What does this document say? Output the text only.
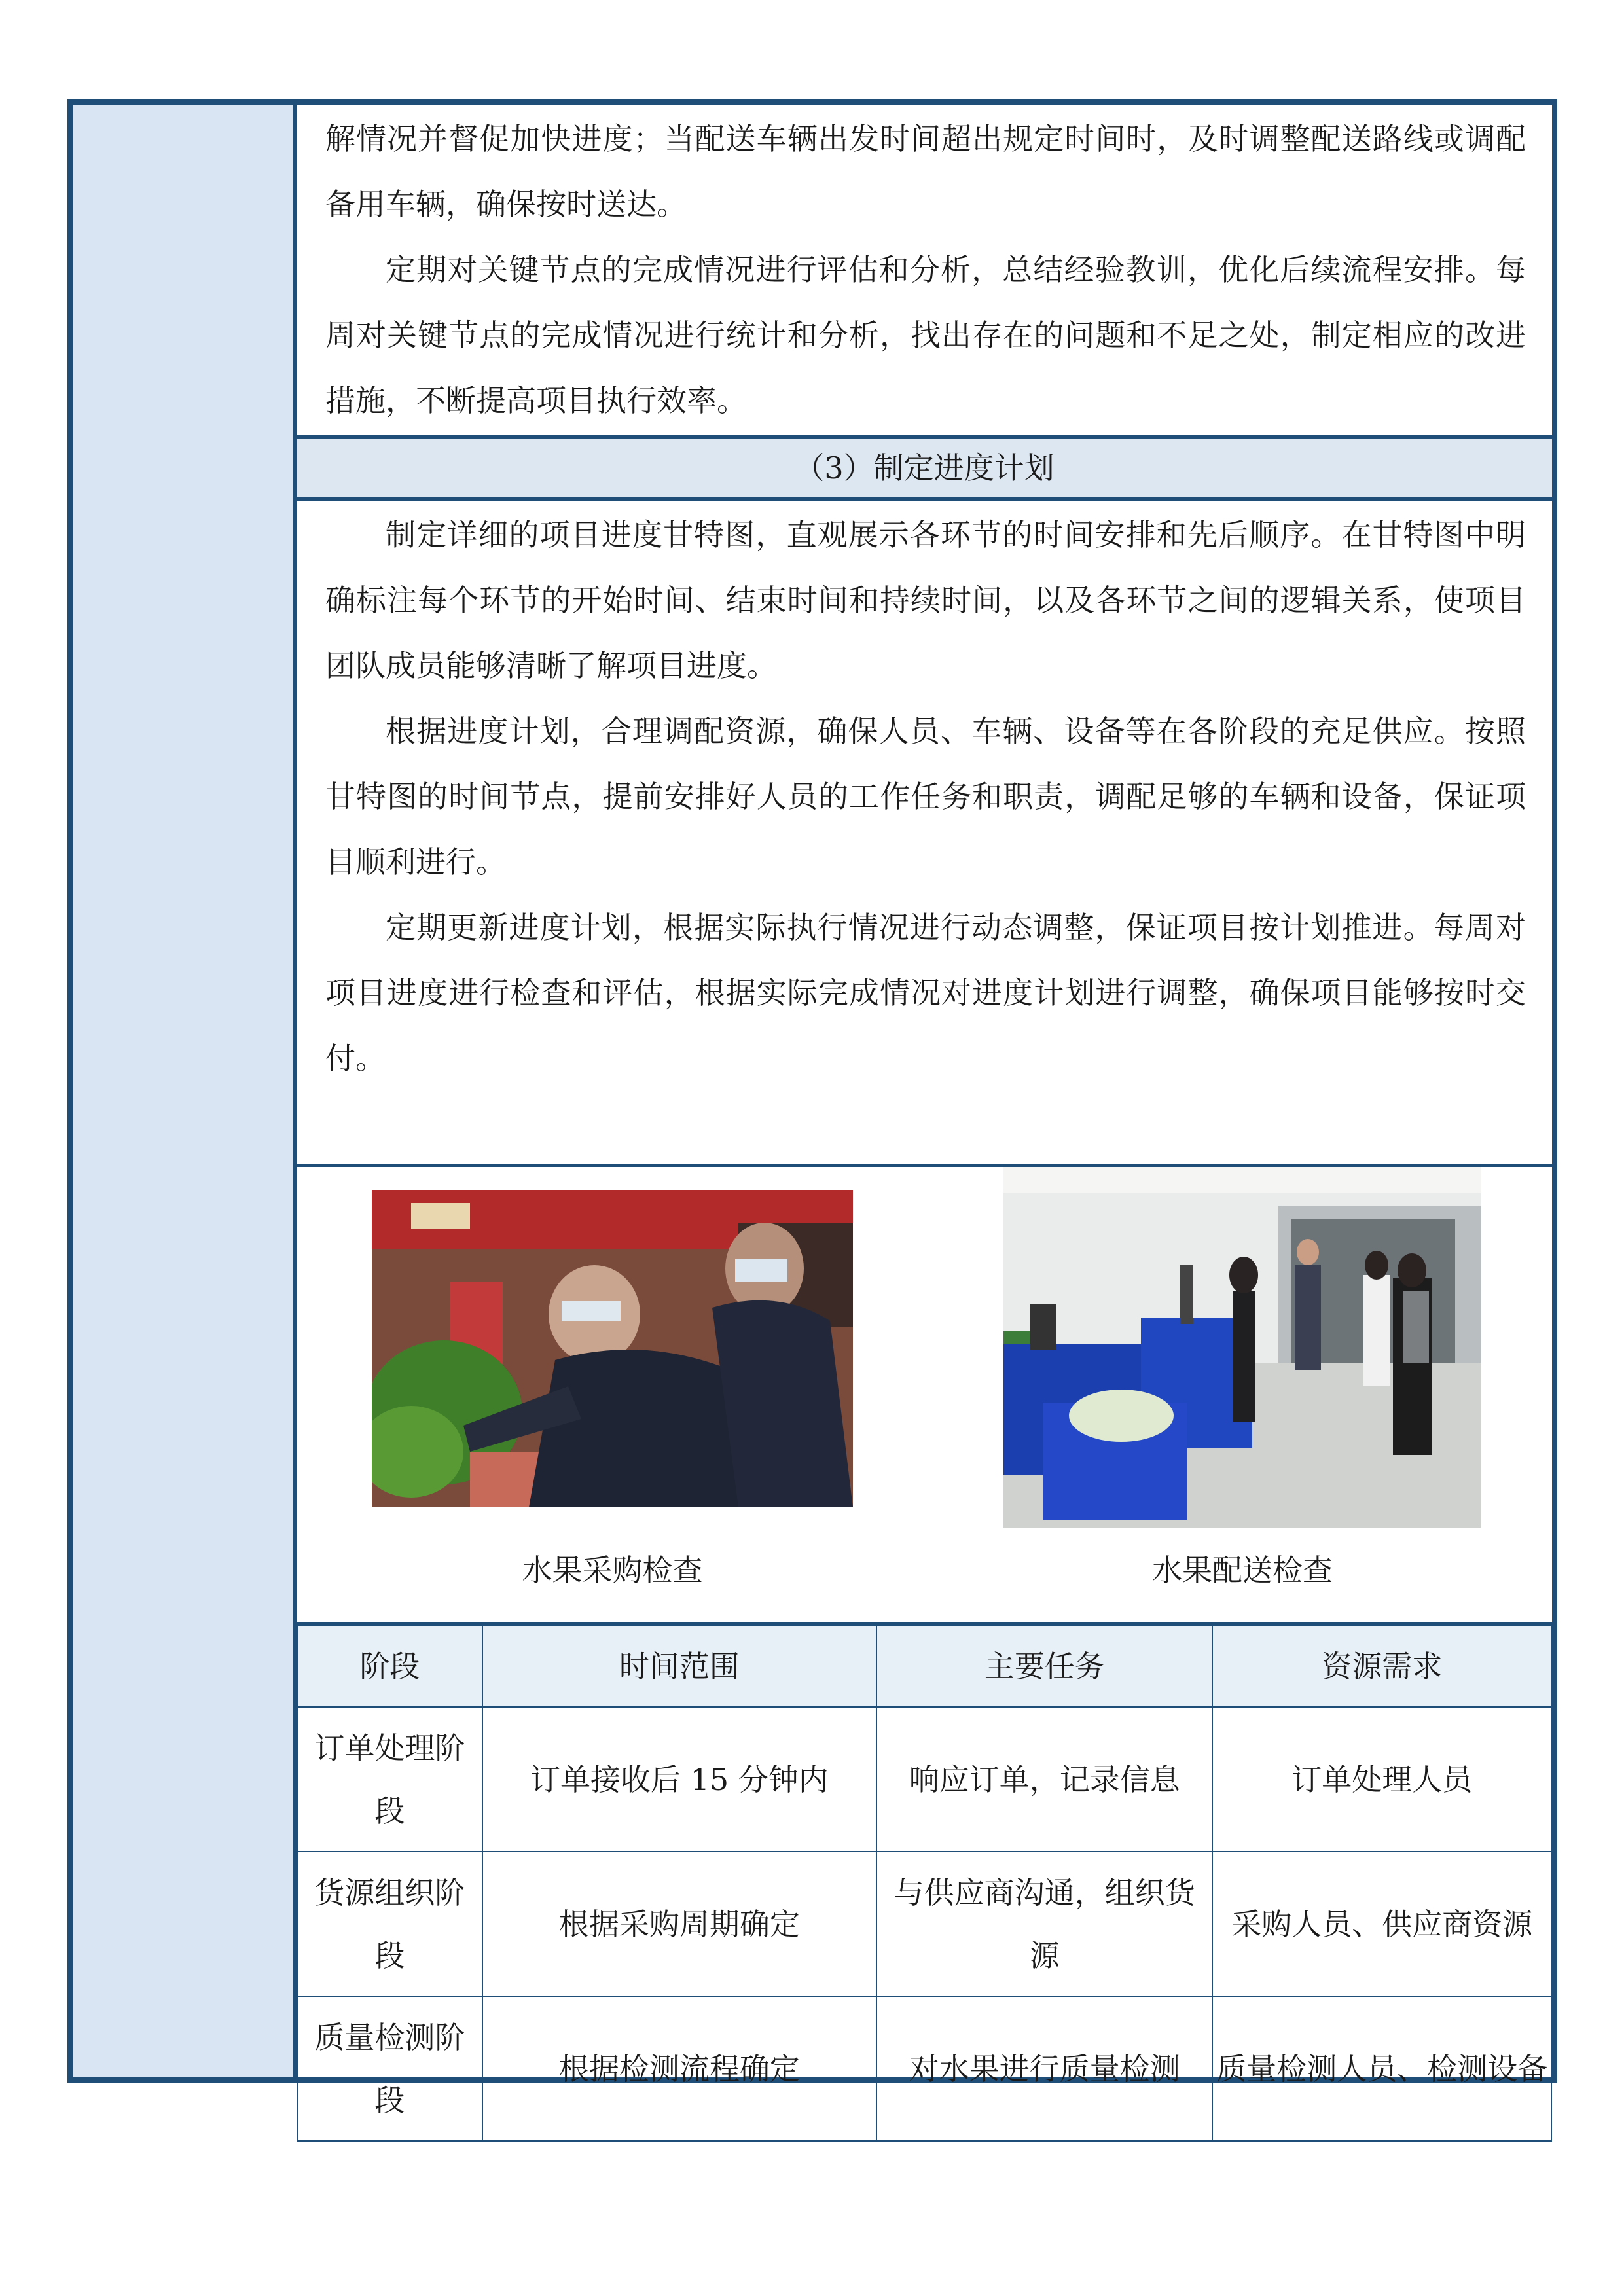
解情况并督促加快进度；当配送车辆出发时间超出规定时间时，及时调整配送路线或调配备用车辆，确保按时送达。

定期对关键节点的完成情况进行评估和分析，总结经验教训，优化后续流程安排。每周对关键节点的完成情况进行统计和分析，找出存在的问题和不足之处，制定相应的改进措施，不断提高项目执行效率。

（3）制定进度计划

制定详细的项目进度甘特图，直观展示各环节的时间安排和先后顺序。在甘特图中明确标注每个环节的开始时间、结束时间和持续时间，以及各环节之间的逻辑关系，使项目团队成员能够清晰了解项目进度。

根据进度计划，合理调配资源，确保人员、车辆、设备等在各阶段的充足供应。按照甘特图的时间节点，提前安排好人员的工作任务和职责，调配足够的车辆和设备，保证项目顺利进行。

定期更新进度计划，根据实际执行情况进行动态调整，保证项目按计划推进。每周对项目进度进行检查和评估，根据实际完成情况对进度计划进行调整，确保项目能够按时交付。

水果采购检查	水果配送检查
阶段	时间范围	主要任务	资源需求
订单处理阶段	订单接收后 15 分钟内	响应订单，记录信息	订单处理人员
货源组织阶段	根据采购周期确定	与供应商沟通，组织货源	采购人员、供应商资源
质量检测阶段	根据检测流程确定	对水果进行质量检测	质量检测人员、检测设备
